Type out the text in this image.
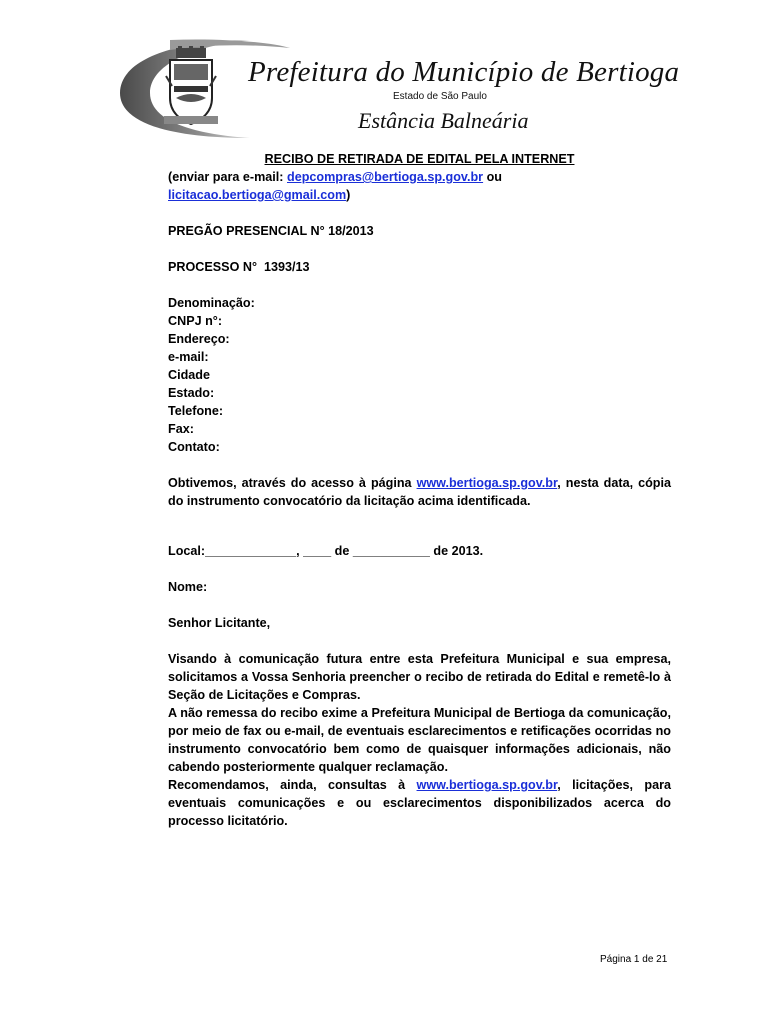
Prefeitura do Município de Bertioga
Estado de São Paulo
Estância Balneária

RECIBO DE RETIRADA DE EDITAL PELA INTERNET

(enviar para e-mail: depcompras@bertioga.sp.gov.br ou
licitacao.bertioga@gmail.com)

PREGÃO PRESENCIAL N° 18/2013

PROCESSO N°  1393/13

Denominação:
CNPJ n°:
Endereço:
e-mail:
Cidade
Estado:
Telefone:
Fax:
Contato:

Obtivemos, através do acesso à página www.bertioga.sp.gov.br, nesta data, cópia do instrumento convocatório da licitação acima identificada.

Local:_____________, ____ de ___________ de 2013.

Nome:

Senhor Licitante,

Visando à comunicação futura entre esta Prefeitura Municipal e sua empresa, solicitamos a Vossa Senhoria preencher o recibo de retirada do Edital e remetê-lo à Seção de Licitações e Compras.

A não remessa do recibo exime a Prefeitura Municipal de Bertioga da comunicação, por meio de fax ou e-mail, de eventuais esclarecimentos e retificações ocorridas no instrumento convocatório bem como de quaisquer informações adicionais, não cabendo posteriormente qualquer reclamação.

Recomendamos, ainda, consultas à www.bertioga.sp.gov.br, licitações, para eventuais comunicações e ou esclarecimentos disponibilizados acerca do processo licitatório.

Página 1 de 21
